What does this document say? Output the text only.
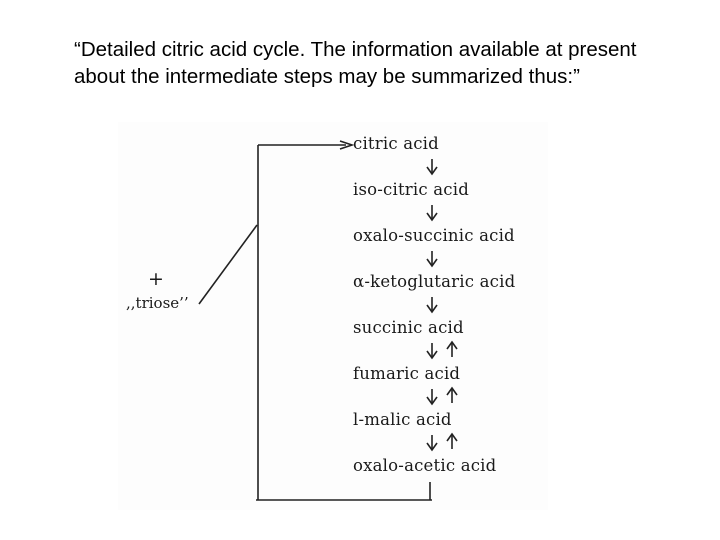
“Detailed citric acid cycle. The information available at present about the intermediate steps may be summarized thus:”
+
,,triose’’
citric acid
iso-citric acid
oxalo-succinic acid
α-ketoglutaric acid
succinic acid
fumaric acid
l-malic acid
oxalo-acetic acid
